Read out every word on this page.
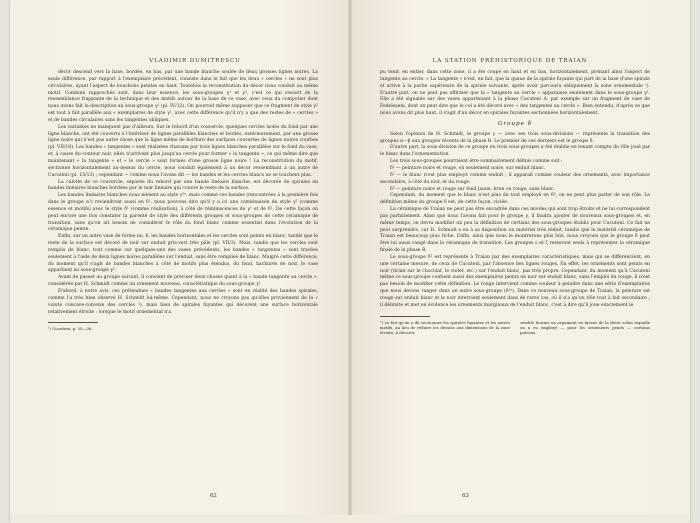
VLADIMIR DUMITRESCU

décor descend vers la base, bordée, en bas, par une bande blanche soulée de deux grosses lignes noires. La seule différence, par rapport à l'exemplaire précédent, consiste dans le fait que les deux « cercles » ne sont plus circulaires, ayant l'aspect de bouchons peintes en haut. Toutefois la reconstitution du décor nous conduit au même motif. Combien rapprochés sont, dans leur essence, les sous-groupes γ¹ et γ², c'est ce qui ressort de la ressemblance frappante de la technique et des motifs autour de la base de ce vase, avec ceux du compotier dont nous avons fait la description au sous-groupe γ¹ (pl. IV/12). On pourrait même supposer que ce fragment de style γ² est tout à fait parallèle aux « exemplaires de style γ¹, avec cette différence qu'il n'y a que des restes de « cercles » et de bandes circulaires sans les tangentes obliques.

Les variantes ne manquent pas d'ailleurs. Sur le rebord d'un couvercle, quelques cercles isolés du fond par une ligne blanche, ont été couverts à l'intérieur de lignes parallèles blanches et bordés, extérieurement, par une grosse ligne noire qui n'est pas autre chose que la ligne même de bordure des surfaces couvertes de lignes noires courbes (pl. VII/10). Les bandes « tangentes » sont réalisées chacune par trois lignes blanches parallèles sur le fond du vase, et, à cause du contour noir, elles n'arrivent plus jusqu'au cercle pour former « la tangente », ce qui même dire que maintenant « la tangente » et « le cercle » sont formés d'une grosse ligne noire ! La reconstitution du motif, sectionné horizontalement au-dessus du cercle, nous conduit également à un décor ressemblant à un autre de Cucuteni (pl. 15/13) ; cependant — comme nous l'avons dit — les bandes et les cercles blancs ne se touchent plus.

La calotte de ce couvercle, séparée du rebord par une bande linéaire blanche, est décorée de spirales en bandes linéaires blanches bordées par le noir linéaire qui couvre le reste de la surface.

Les bandes linéaires blanches nous mènent au style γ²ᵃ, mais comme ces bandes (rencontrées à la première fois dans le groupe α²) reviendront aussi en δ¹, nous pouvons dire qu'il y a ici une combinaison du style γ² (comme essence et motifs) avec le style δ¹ (comme réalisation), à côté de réminiscences de γ¹ et de δ¹. De cette façon on peut encore une fois constater la parenté de style des différents groupes et sous-groupes de cette céramique de transition, sans qu'on ait besoin de considérer le rôle du fond blanc comme essentiel dans l'évolution de la céramique peinte.

Enfin, sur un autre vase de forme no. 6, les bandes horizontales et les cercles sont peints en blanc, tandis que le reste de la surface est décoré de noir sur enduit gris-vert très pâle (pl. VII/3). Mais, tandis que les cercles sont remplis de blanc, tout comme sur quelques-uns des vases précédents, les bandes « tangentes » sont tracées seulement à l'aide de deux lignes noires parallèles sur l'enduit, sans être remplies de blanc. Malgré cette différence, du moment qu'il s'agit de bandes blanches à côté de motifs plus étendus, du fond, hachurés de noir, le vase appartient au sous-groupe γ².

Avant de passer au groupe suivant, il convient de préciser deux choses quant à la « bande tangente au cercle », considérée par H. Schmidt comme un ornement nouveau, caractéristique du sous-groupe γ¹.

D'abord, à notre avis, ces prétendues « bandes tangentes aux cercles » sont en réalité des bandes spirales, comme l'a très bien observé H. Schmidt lui-même. Cependant, nous ne croyons pas qu'elles proviennent de la « volute concave-convexe des cercles ¹), mais bien de spirales fuyantes qui décorent une surface horizontale relativement étroite : lorsque le motif ornemental n'a

¹) Cucuteni, p. 35—36.
62
LA STATION PRÉHISTORIQUE DE TRAIAN

pu tenir, en entier, dans cette zone, il a été coupé en haut et en bas, horizontalement, prenant ainsi l'aspect de tangente au cercle. « La tangente » n'est, en fait, que la queue de la spirale fuyante qui part de la base d'une spirale et arrive à la partie supérieure de la spirale suivante, après avoir parcouru obliquement la zone ornementale ¹). D'autre part, on ne peut pas affirmer que la « tangente au cercle » apparaisse seulement dans le sous-groupe γ¹. Elle a été signalée sur des vases appartenant à la phase Cucuteni A, par exemple sur un fragment de vase de Fedeleşeni, dont on peut dire que le col a été décoré avec « des tangentes au cercle ». Bien entendu, d'après ce que nous avons dit plus haut, il s'agit d'un décor en spirales fuyantes sectionnées horizontalement.

Groupe δ

Selon l'opinion de H. Schmidt, le groupe γ — avec ses trois sous-divisions — représente la transition des groupes α—β aux groupes récents de la phase B. Le premier de ces derniers est le groupe δ.

D'autre part, la sous-division de ce groupe en trois sous-groupes a été établie en tenant compte du rôle joué par le blanc dans l'ornementation.

Les trois sous-groupes pourraient être sommairement définis comme suit :

δ¹ — peinture noire et rouge, où seulement noire, sur enduit blanc.

δ² — le blanc n'est plus employé comme enduit ; il apparaît comme couleur des ornements, avec importance secondaire, à côté du noir, et du rouge.

δ³ — peinture noire et rouge sur fond jaune, brun ou rouge, sans blanc.

Cependant, du moment que le blanc n'est plus du tout employé en δ³, on ne peut plus parler de son rôle. La définition même du groupe δ est, de cette façon, viciée.

La céramique de Traian ne peut pas être encadrée dans ces moules qui sont trop étroits et ne lui correspondent pas parfaitement. Ainsi que nous l'avons fait pour le groupe γ, il faudra ajouter de nouveaux sous-groupes et, en même temps, on devra modifier un peu la définition de certains des sous-groupes établis pour Cucuteni. Ce fait ne peut surprendre, car H. Schmidt a eu à sa disposition un matériel très réduit, tandis que le matériel céramique de Traian est beaucoup plus riche. Enfin, ainsi que nous le montrerons plus loin, nous croyons que le groupe δ peut être lui aussi rangé dans la céramique de transition. Les groupes ε et ζ resteront seuls à représenter la céramique finale de la phase B.

Le sous-groupe δ¹ est représenté à Traian par des exemplaires caractéristiques, mais qui se différencient, en une certaine mesure, de ceux de Cucuteni, par l'absence des lignes rouges. En effet, les ornements sont peints en noir (tirant sur le chocolat, le violet, etc.) sur l'enduit blanc, pas très propre. Cependant, du moment qu'à Cucuteni même ce sous-groupe contient aussi des exemplaires peints en noir sur enduit blanc, sans l'emploi du rouge, il n'est pas besoin de modifier cette définition. Le rouge intervient comme couleur à peindre dans une série d'exemplaires que nous devons ranger dans un autre sous-groupe (δ¹ᵃ). Dans ce nouveau sous-groupe de Traian, la peinture est rouge sur enduit blanc et le noir intervient seulement dans de rares cas, où il n'a qu'un rôle tout à fait secondaire ; il délimite et met en évidence les ornements marginaux de l'enduit blanc, c'est à dire qu'il joue exactement le

¹) Le fait qu'on a dû sectionner les spirales fuyantes et les autres motifs, au lieu de réduire les dessins aux dimensions de la zone étroite, à décorer,
semble fournir un argument en faveur de la thèse selon laquelle on a eu employé — pour les ornements peints — certains patrons.
63
